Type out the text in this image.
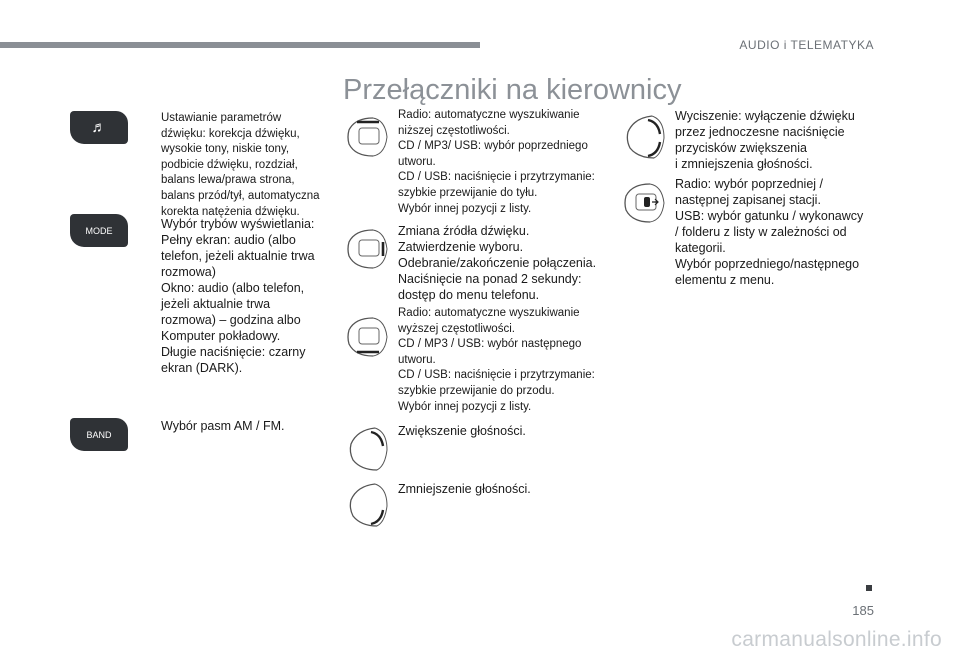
AUDIO i TELEMATYKA
Przełączniki na kierownicy
♬
MODE
BAND
Ustawianie parametrów
dźwięku: korekcja dźwięku,
wysokie tony, niskie tony,
podbicie dźwięku, rozdział,
balans lewa/prawa strona,
balans przód/tył, automatyczna
korekta natężenia dźwięku.
Wybór trybów wyświetlania:
Pełny ekran: audio (albo
telefon, jeżeli aktualnie trwa
rozmowa)
Okno: audio (albo telefon,
jeżeli aktualnie trwa
rozmowa) – godzina albo
Komputer pokładowy.
Długie naciśnięcie: czarny
ekran (DARK).
Wybór pasm AM / FM.
Radio: automatyczne wyszukiwanie
niższej częstotliwości.
CD / MP3/ USB: wybór poprzedniego
utworu.
CD / USB: naciśnięcie i przytrzymanie:
szybkie przewijanie do tyłu.
Wybór innej pozycji z listy.
Zmiana źródła dźwięku.
Zatwierdzenie wyboru.
Odebranie/zakończenie połączenia.
Naciśnięcie na ponad 2 sekundy:
dostęp do menu telefonu.
Radio: automatyczne wyszukiwanie
wyższej częstotliwości.
CD / MP3 / USB: wybór następnego
utworu.
CD / USB: naciśnięcie i przytrzymanie:
szybkie przewijanie do przodu.
Wybór innej pozycji z listy.
Zwiększenie głośności.
Zmniejszenie głośności.
Wyciszenie: wyłączenie dźwięku
przez jednoczesne naciśnięcie
przycisków zwiększenia
i zmniejszenia głośności.
Radio: wybór poprzedniej /
następnej zapisanej stacji.
USB: wybór gatunku / wykonawcy
/ folderu z listy w zależności od
kategorii.
Wybór poprzedniego/następnego
elementu z menu.
185
carmanualsonline.info
